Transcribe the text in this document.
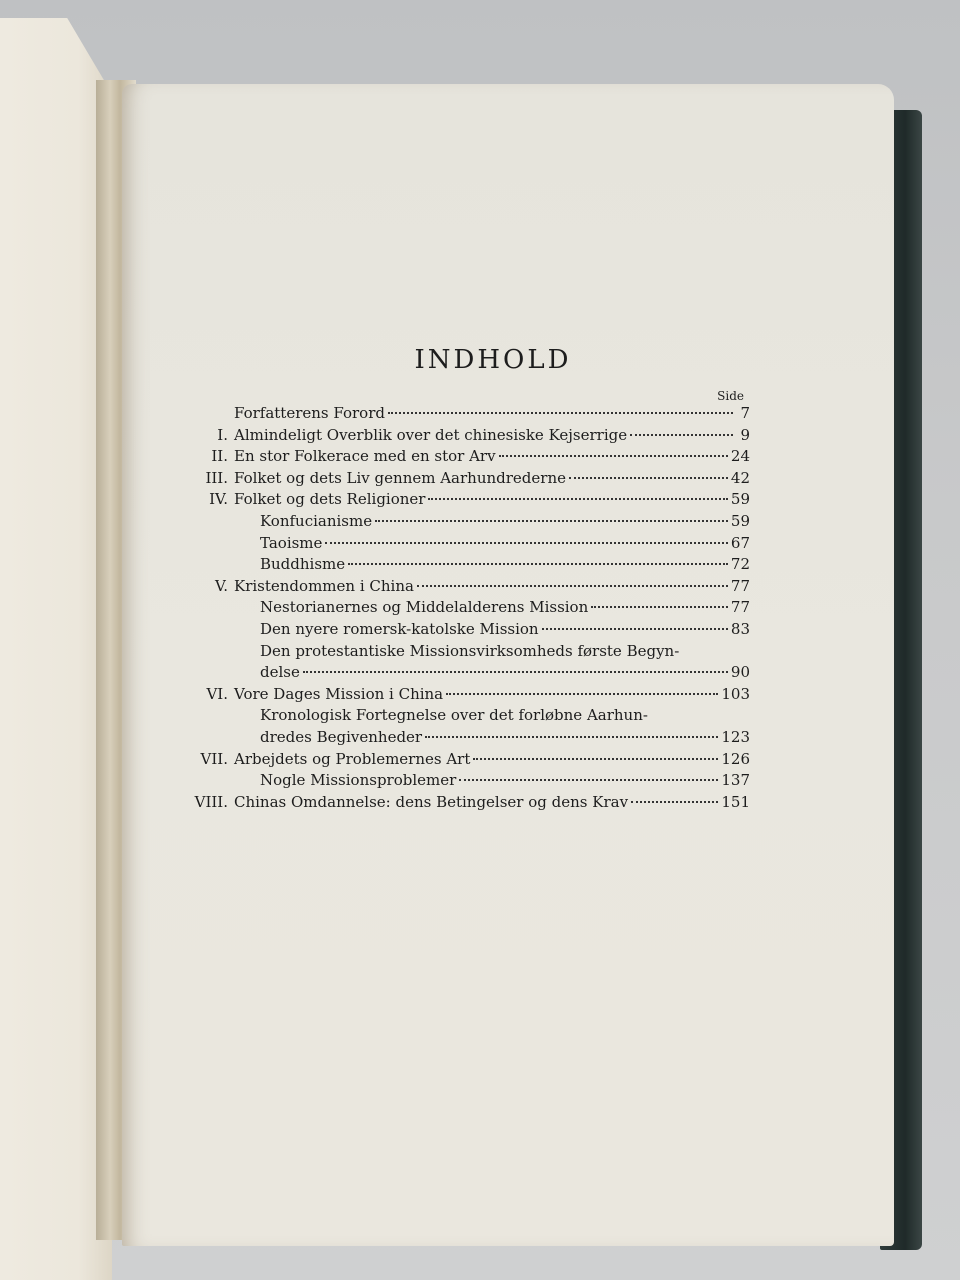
INDHOLD
Side
Forfatterens Forord	7
I. Almindeligt Overblik over det chinesiske Kejserrige	9
II. En stor Folkerace med en stor Arv	24
III. Folket og dets Liv gennem Aarhundrederne	42
IV. Folket og dets Religioner	59
Konfucianisme	59
Taoisme	67
Buddhisme	72
V. Kristendommen i China	77
Nestorianernes og Middelalderens Mission	77
Den nyere romersk-katolske Mission	83
Den protestantiske Missionsvirksomheds første Begyn-
delse	90
VI. Vore Dages Mission i China	103
Kronologisk Fortegnelse over det forløbne Aarhun-
dredes Begivenheder	123
VII. Arbejdets og Problemernes Art	126
Nogle Missionsproblemer	137
VIII. Chinas Omdannelse: dens Betingelser og dens Krav	151
